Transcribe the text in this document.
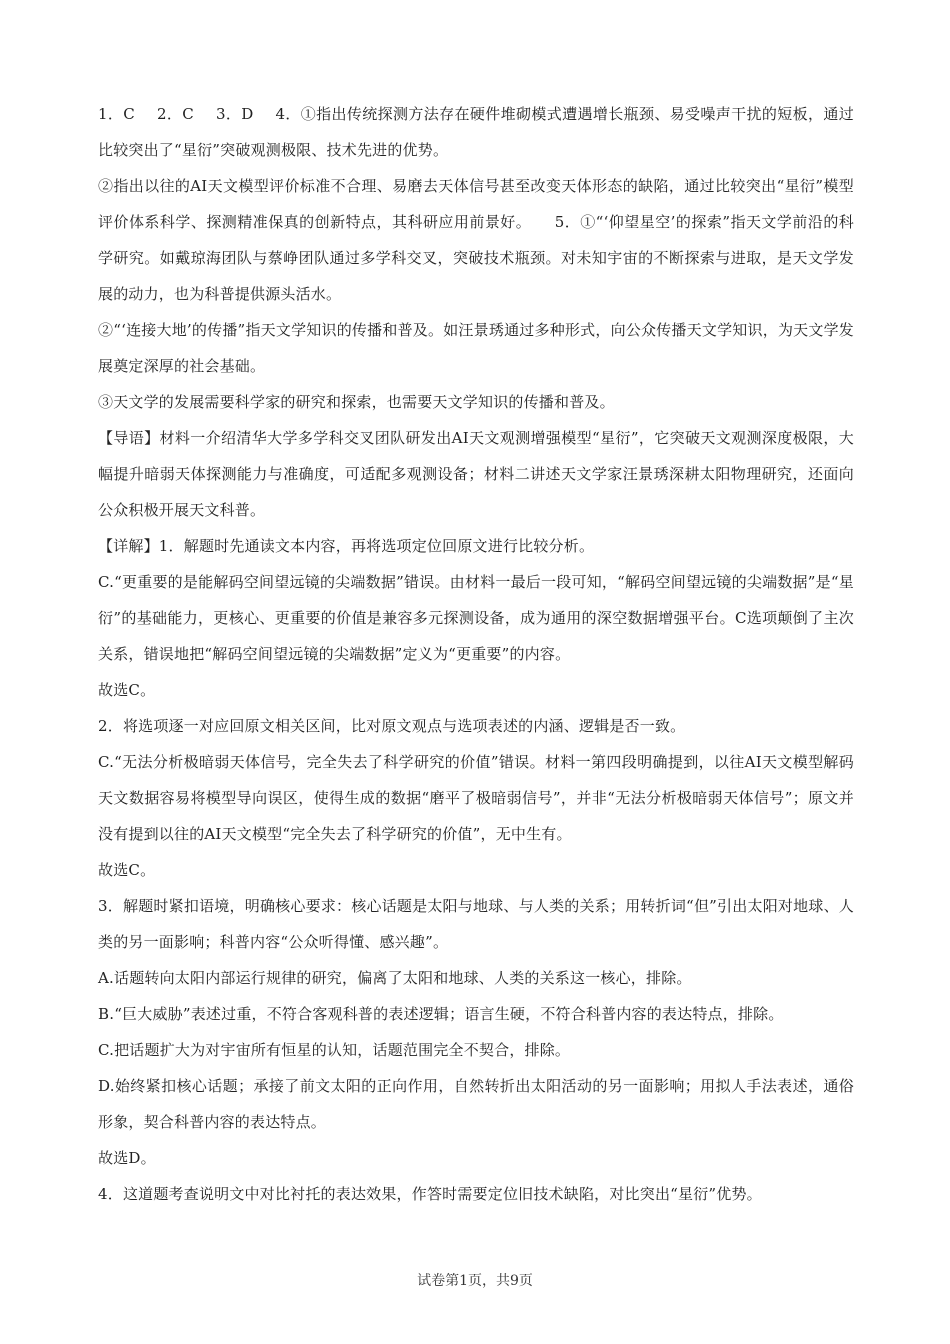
1．C 2．C 3．D 4．①指出传统探测方法存在硬件堆砌模式遭遇增长瓶颈、易受噪声干扰的短板，通过比较突出了“星衍”突破观测极限、技术先进的优势。

②指出以往的AI天文模型评价标准不合理、易磨去天体信号甚至改变天体形态的缺陷，通过比较突出“星衍”模型评价体系科学、探测精准保真的创新特点，其科研应用前景好。　　5．①“‘仰望星空’的探索”指天文学前沿的科学研究。如戴琼海团队与蔡峥团队通过多学科交叉，突破技术瓶颈。对未知宇宙的不断探索与进取，是天文学发展的动力，也为科普提供源头活水。

②“‘连接大地’的传播”指天文学知识的传播和普及。如汪景琇通过多种形式，向公众传播天文学知识，为天文学发展奠定深厚的社会基础。

③天文学的发展需要科学家的研究和探索，也需要天文学知识的传播和普及。

【导语】材料一介绍清华大学多学科交叉团队研发出AI天文观测增强模型“星衍”，它突破天文观测深度极限，大幅提升暗弱天体探测能力与准确度，可适配多观测设备；材料二讲述天文学家汪景琇深耕太阳物理研究，还面向公众积极开展天文科普。

【详解】1．解题时先通读文本内容，再将选项定位回原文进行比较分析。

C.“更重要的是能解码空间望远镜的尖端数据”错误。由材料一最后一段可知，“解码空间望远镜的尖端数据”是“星衍”的基础能力，更核心、更重要的价值是兼容多元探测设备，成为通用的深空数据增强平台。C选项颠倒了主次关系，错误地把“解码空间望远镜的尖端数据”定义为“更重要”的内容。

故选C。

2．将选项逐一对应回原文相关区间，比对原文观点与选项表述的内涵、逻辑是否一致。

C.“无法分析极暗弱天体信号，完全失去了科学研究的价值”错误。材料一第四段明确提到，以往AI天文模型解码天文数据容易将模型导向误区，使得生成的数据“磨平了极暗弱信号”，并非“无法分析极暗弱天体信号”；原文并没有提到以往的AI天文模型“完全失去了科学研究的价值”，无中生有。

故选C。

3．解题时紧扣语境，明确核心要求：核心话题是太阳与地球、与人类的关系；用转折词“但”引出太阳对地球、人类的另一面影响；科普内容“公众听得懂、感兴趣”。

A.话题转向太阳内部运行规律的研究，偏离了太阳和地球、人类的关系这一核心，排除。

B.“巨大威胁”表述过重，不符合客观科普的表述逻辑；语言生硬，不符合科普内容的表达特点，排除。

C.把话题扩大为对宇宙所有恒星的认知，话题范围完全不契合，排除。

D.始终紧扣核心话题；承接了前文太阳的正向作用，自然转折出太阳活动的另一面影响；用拟人手法表述，通俗形象，契合科普内容的表达特点。

故选D。

4．这道题考查说明文中对比衬托的表达效果，作答时需要定位旧技术缺陷，对比突出“星衍”优势。

试卷第1页，共9页
